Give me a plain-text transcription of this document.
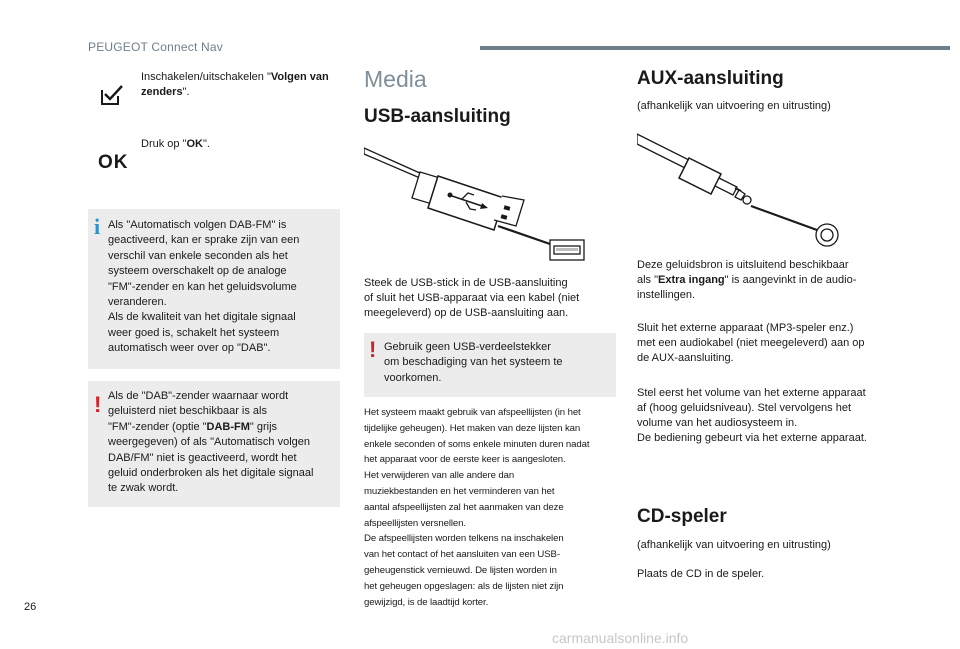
PEUGEOT Connect Nav
Inschakelen/uitschakelen "Volgen van zenders".
OK
Druk op "OK".
i Als "Automatisch volgen DAB-FM" is
geactiveerd, kan er sprake zijn van een
verschil van enkele seconden als het
systeem overschakelt op de analoge
"FM"-zender en kan het geluidsvolume
veranderen.
Als de kwaliteit van het digitale signaal
weer goed is, schakelt het systeem
automatisch weer over op "DAB".
! Als de "DAB"-zender waarnaar wordt
geluisterd niet beschikbaar is als
"FM"-zender (optie "DAB-FM" grijs
weergegeven) of als "Automatisch volgen
DAB/FM" niet is geactiveerd, wordt het
geluid onderbroken als het digitale signaal
te zwak wordt.
Media
USB-aansluiting
Steek de USB-stick in de USB-aansluiting
of sluit het USB-apparaat via een kabel (niet
meegeleverd) op de USB-aansluiting aan.
! Gebruik geen USB-verdeelstekker
om beschadiging van het systeem te
voorkomen.
Het systeem maakt gebruik van afspeellijsten (in het
tijdelijke geheugen). Het maken van deze lijsten kan
enkele seconden of soms enkele minuten duren nadat
het apparaat voor de eerste keer is aangesloten.
Het verwijderen van alle andere dan
muziekbestanden en het verminderen van het
aantal afspeellijsten zal het aanmaken van deze
afspeellijsten versnellen.
De afspeellijsten worden telkens na inschakelen
van het contact of het aansluiten van een USB-
geheugenstick vernieuwd. De lijsten worden in
het geheugen opgeslagen: als de lijsten niet zijn
gewijzigd, is de laadtijd korter.
AUX-aansluiting
(afhankelijk van uitvoering en uitrusting)
Deze geluidsbron is uitsluitend beschikbaar
als "Extra ingang" is aangevinkt in de audio-
instellingen.
Sluit het externe apparaat (MP3-speler enz.)
met een audiokabel (niet meegeleverd) aan op
de AUX-aansluiting.
Stel eerst het volume van het externe apparaat
af (hoog geluidsniveau). Stel vervolgens het
volume van het audiosysteem in.
De bediening gebeurt via het externe apparaat.
CD-speler
(afhankelijk van uitvoering en uitrusting)
Plaats de CD in de speler.
26
carmanualsonline.info
